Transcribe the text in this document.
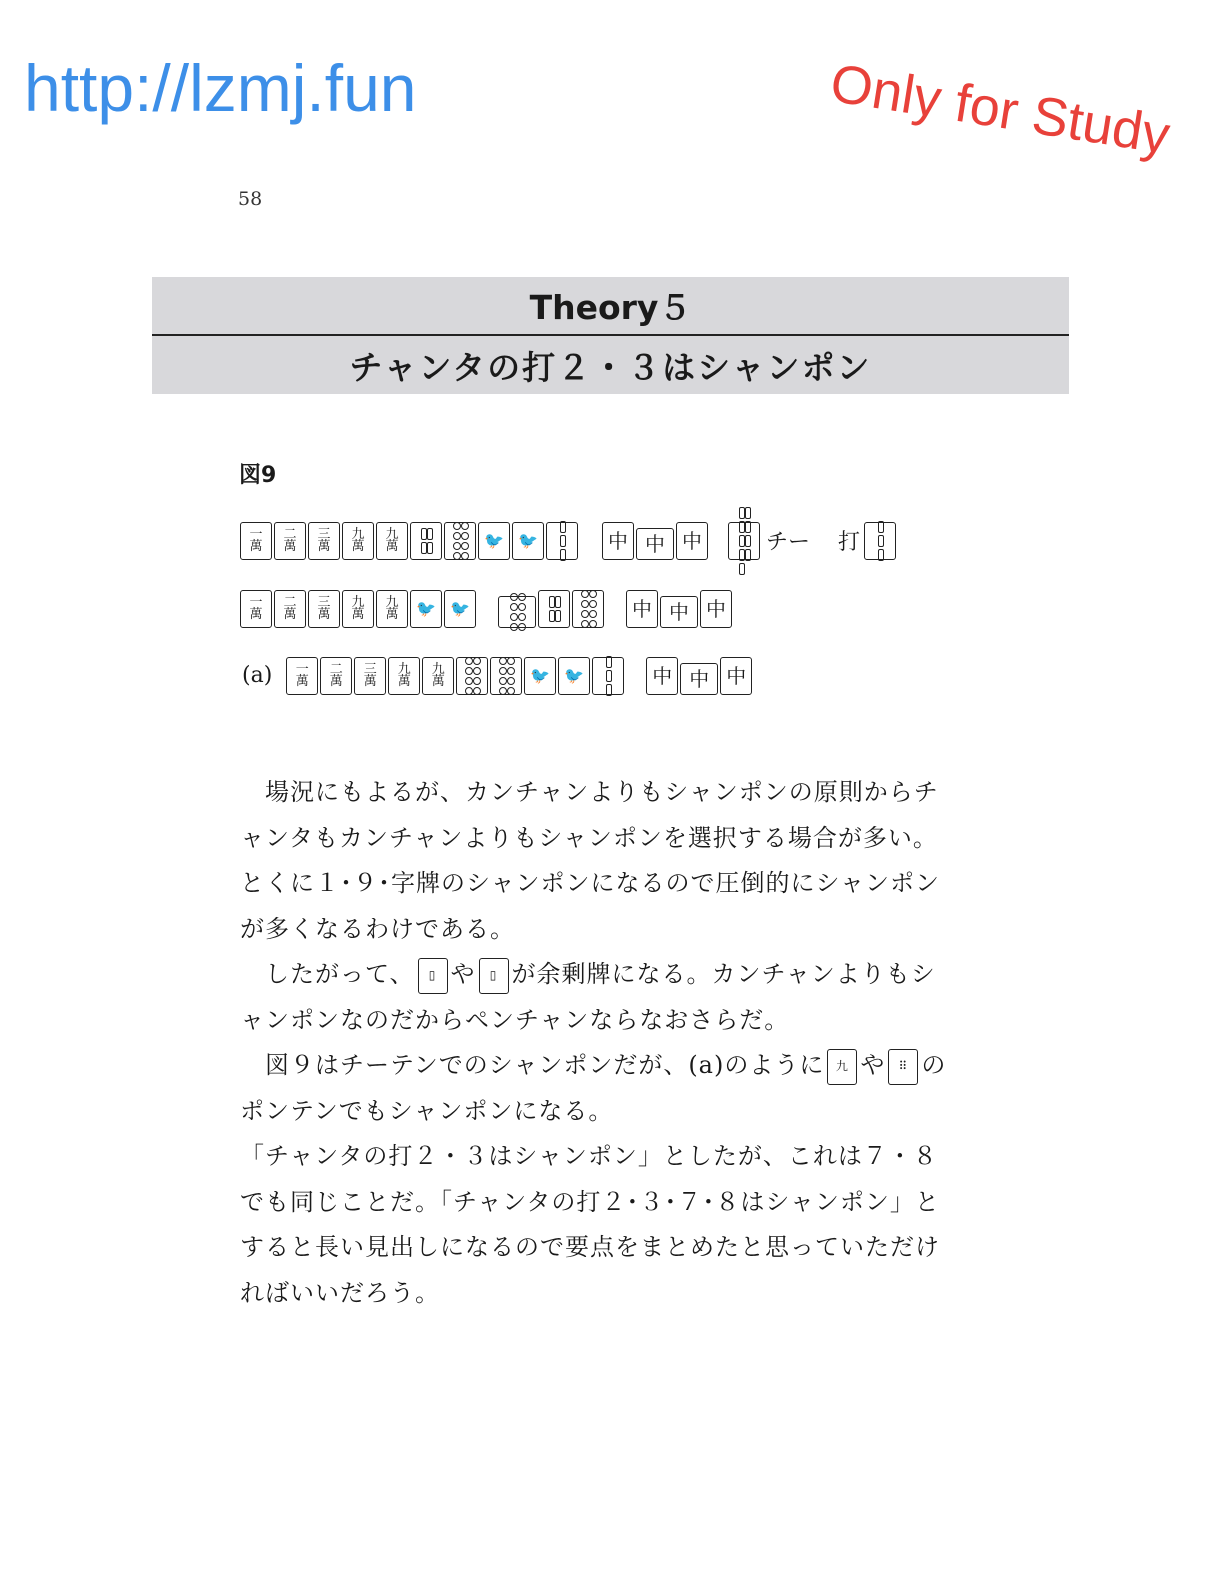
http://lzmj.fun	Only for Study
58
Theory５
チャンタの打２・３はシャンポン
図9
一
萬
二
萬
三
萬
九
萬
九
萬	🐦 🐦	中 中 中	チー 打
一
萬
二
萬
三
萬
九
萬
九
萬	🐦 🐦	中 中 中
(a) 一
萬
二
萬
三
萬
九
萬
九
萬	🐦 🐦	中 中 中

　場況にもよるが、カンチャンよりもシャンポンの原則からチャンタもカンチャンよりもシャンポンを選択する場合が多い。とくに１･９･字牌のシャンポンになるので圧倒的にシャンポンが多くなるわけである。

　したがって、 ▯ や ▯ が余剰牌になる。カンチャンよりもシャンポンなのだからペンチャンならなおさらだ。

　図９はチーテンでのシャンポンだが、(a)のように 九 や ⠿ のポンテンでもシャンポンになる。

「チャンタの打２・３はシャンポン」としたが、これは７・８でも同じことだ。「チャンタの打２･３･７･８はシャンポン」とすると長い見出しになるので要点をまとめたと思っていただければいいだろう。
